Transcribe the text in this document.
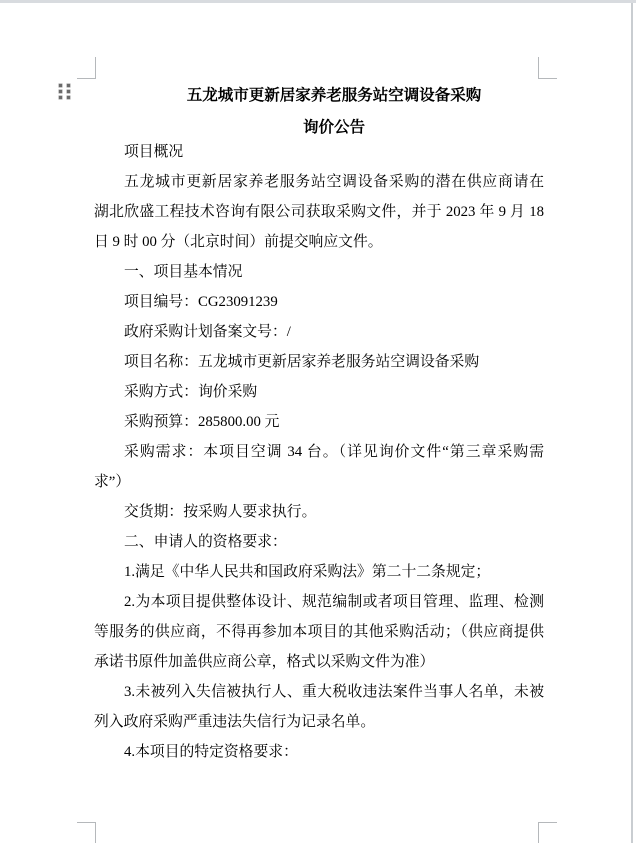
五龙城市更新居家养老服务站空调设备采购
询价公告
项目概况
五龙城市更新居家养老服务站空调设备采购的潜在供应商请在
湖北欣盛工程技术咨询有限公司获取采购文件，并于 2023 年 9 月 18
日 9 时 00 分（北京时间）前提交响应文件。
一、项目基本情况
项目编号：CG23091239
政府采购计划备案文号：/
项目名称：五龙城市更新居家养老服务站空调设备采购
采购方式：询价采购
采购预算：285800.00 元
采购需求：本项目空调 34 台。（详见询价文件“第三章采购需
求”）
交货期：按采购人要求执行。
二、申请人的资格要求：
1.满足《中华人民共和国政府采购法》第二十二条规定；
2.为本项目提供整体设计、规范编制或者项目管理、监理、检测
等服务的供应商，不得再参加本项目的其他采购活动；（供应商提供
承诺书原件加盖供应商公章，格式以采购文件为准）
3.未被列入失信被执行人、重大税收违法案件当事人名单，未被
列入政府采购严重违法失信行为记录名单。
4.本项目的特定资格要求：
